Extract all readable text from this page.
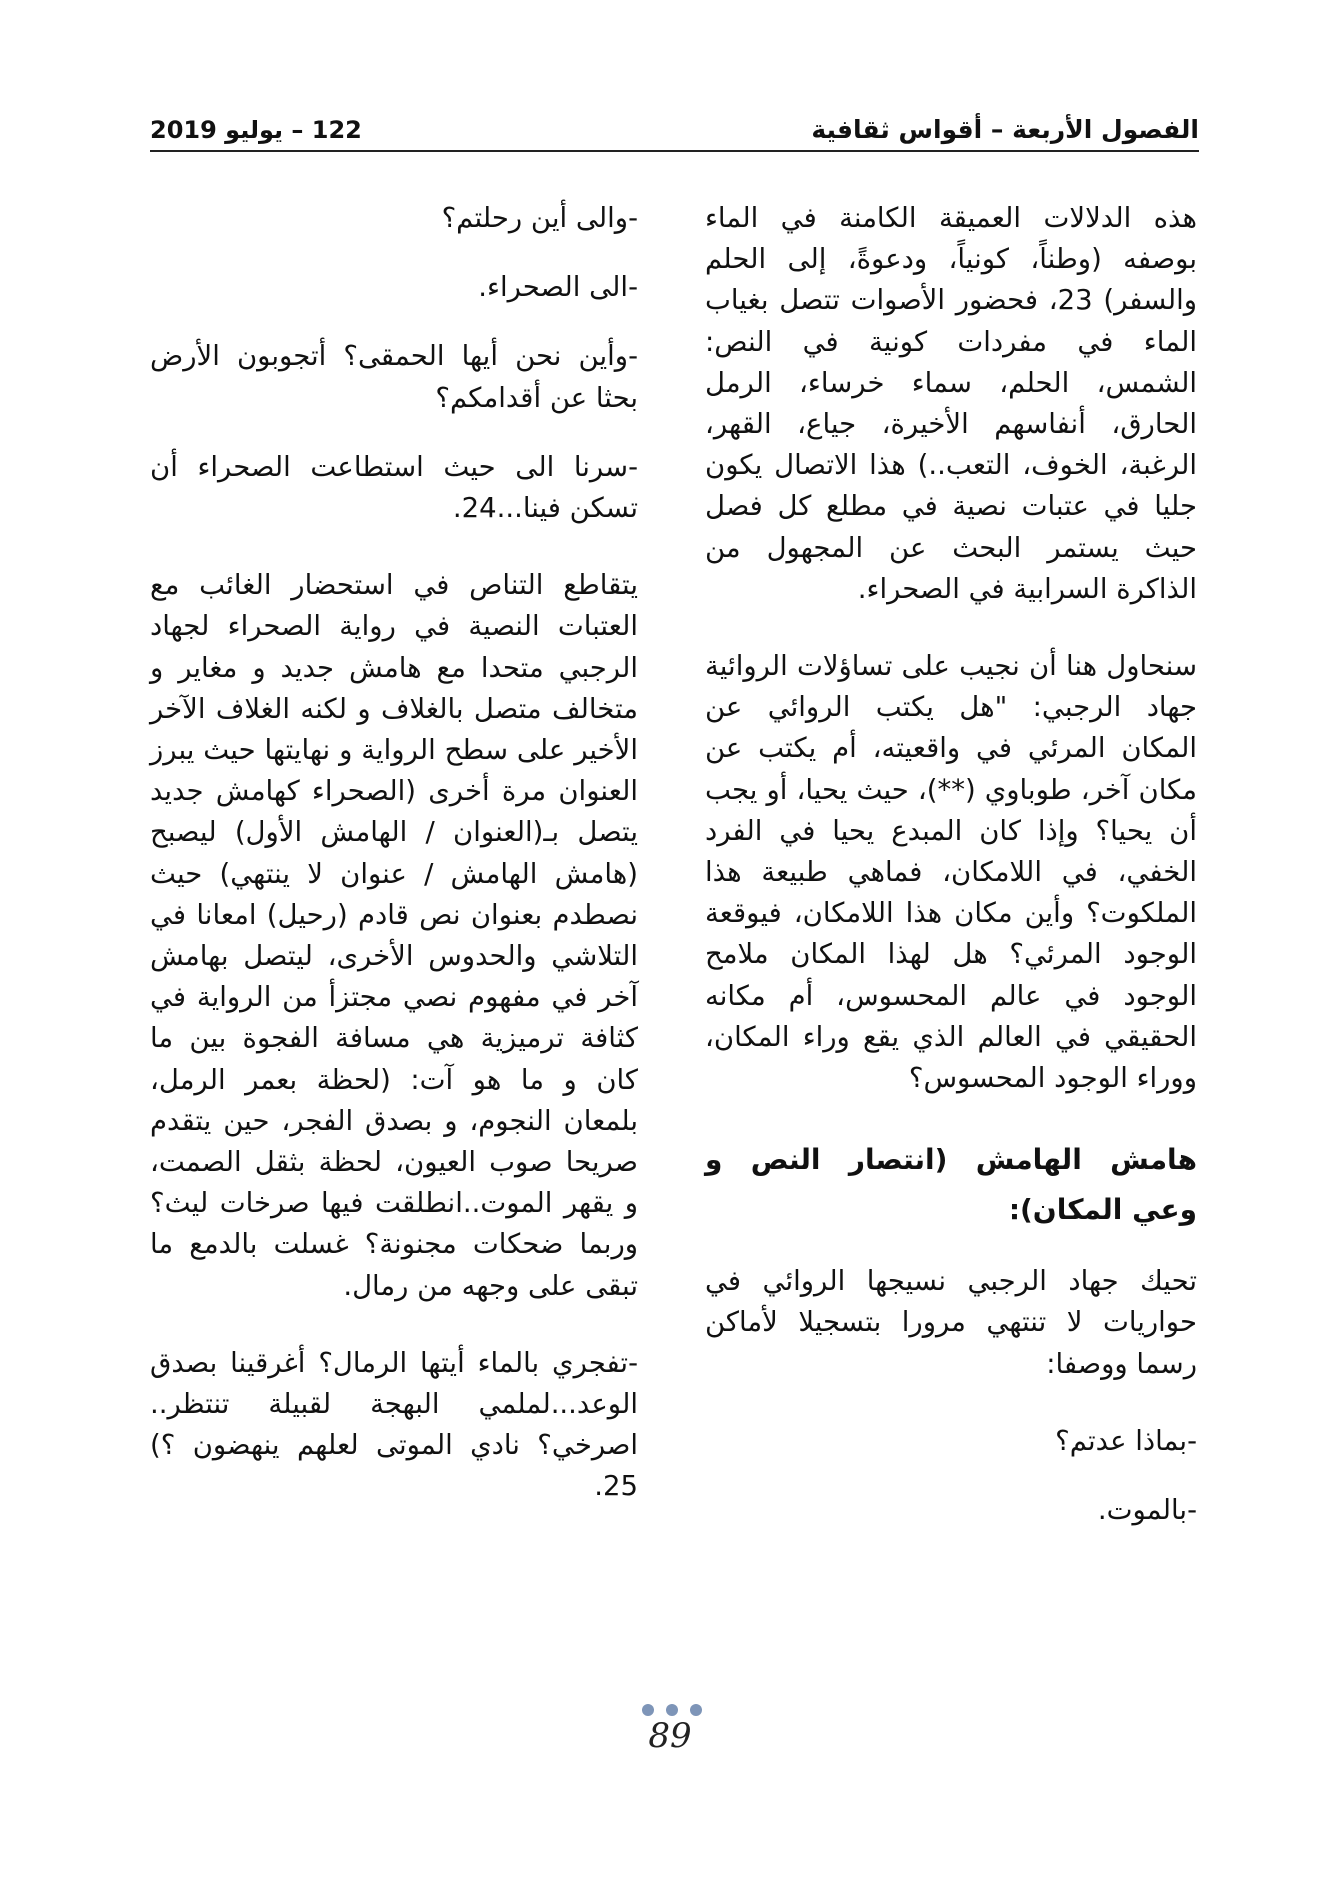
122 – يوليو 2019	الفصول الأربعة – أقواس ثقافية

هذه الدلالات العميقة الكامنة في الماء بوصفه (وطناً، كونياً، ودعوةً، إلى الحلم والسفر) 23، فحضور الأصوات تتصل بغياب الماء في مفردات كونية في النص: الشمس، الحلم، سماء خرساء، الرمل الحارق، أنفاسهم الأخيرة، جياع، القهر، الرغبة، الخوف، التعب..) هذا الاتصال يكون جليا في عتبات نصية في مطلع كل فصل حيث يستمر البحث عن المجهول من الذاكرة السرابية في الصحراء.

سنحاول هنا أن نجيب على تساؤلات الروائية جهاد الرجبي: "هل يكتب الروائي عن المكان المرئي في واقعيته، أم يكتب عن مكان آخر، طوباوي (**)، حيث يحيا، أو يجب أن يحيا؟ وإذا كان المبدع يحيا في الفرد الخفي، في اللامكان، فماهي طبيعة هذا الملكوت؟ وأين مكان هذا اللامكان، فيوقعة الوجود المرئي؟ هل لهذا المكان ملامح الوجود في عالم المحسوس، أم مكانه الحقيقي في العالم الذي يقع وراء المكان، ووراء الوجود المحسوس؟

هامش الهامش (انتصار النص و وعي المكان):

تحيك جهاد الرجبي نسيجها الروائي في حواريات لا تنتهي مرورا بتسجيلا لأماكن رسما ووصفا:

-بماذا عدتم؟

-بالموت.

-والى أين رحلتم؟

-الى الصحراء.

-وأين نحن أيها الحمقى؟ أتجوبون الأرض بحثا عن أقدامكم؟

-سرنا الى حيث استطاعت الصحراء أن تسكن فينا...24.

يتقاطع التناص في استحضار الغائب مع العتبات النصية في رواية الصحراء لجهاد الرجبي متحدا مع هامش جديد و مغاير و متخالف متصل بالغلاف و لكنه الغلاف الآخر الأخير على سطح الرواية و نهايتها حيث يبرز العنوان مرة أخرى (الصحراء كهامش جديد يتصل بـ(العنوان / الهامش الأول) ليصبح (هامش الهامش / عنوان لا ينتهي) حيث نصطدم بعنوان نص قادم (رحيل) امعانا في التلاشي والحدوس الأخرى، ليتصل بهامش آخر في مفهوم نصي مجتزأ من الرواية في كثافة ترميزية هي مسافة الفجوة بين ما كان و ما هو آت: (لحظة بعمر الرمل، بلمعان النجوم، و بصدق الفجر، حين يتقدم صريحا صوب العيون، لحظة بثقل الصمت، و يقهر الموت..انطلقت فيها صرخات ليث؟ وربما ضحكات مجنونة؟ غسلت بالدمع ما تبقى على وجهه من رمال.

-تفجري بالماء أيتها الرمال؟ أغرقينا بصدق الوعد...لملمي البهجة لقبيلة تنتظر.. اصرخي؟ نادي الموتى لعلهم ينهضون ؟) 25.

89
